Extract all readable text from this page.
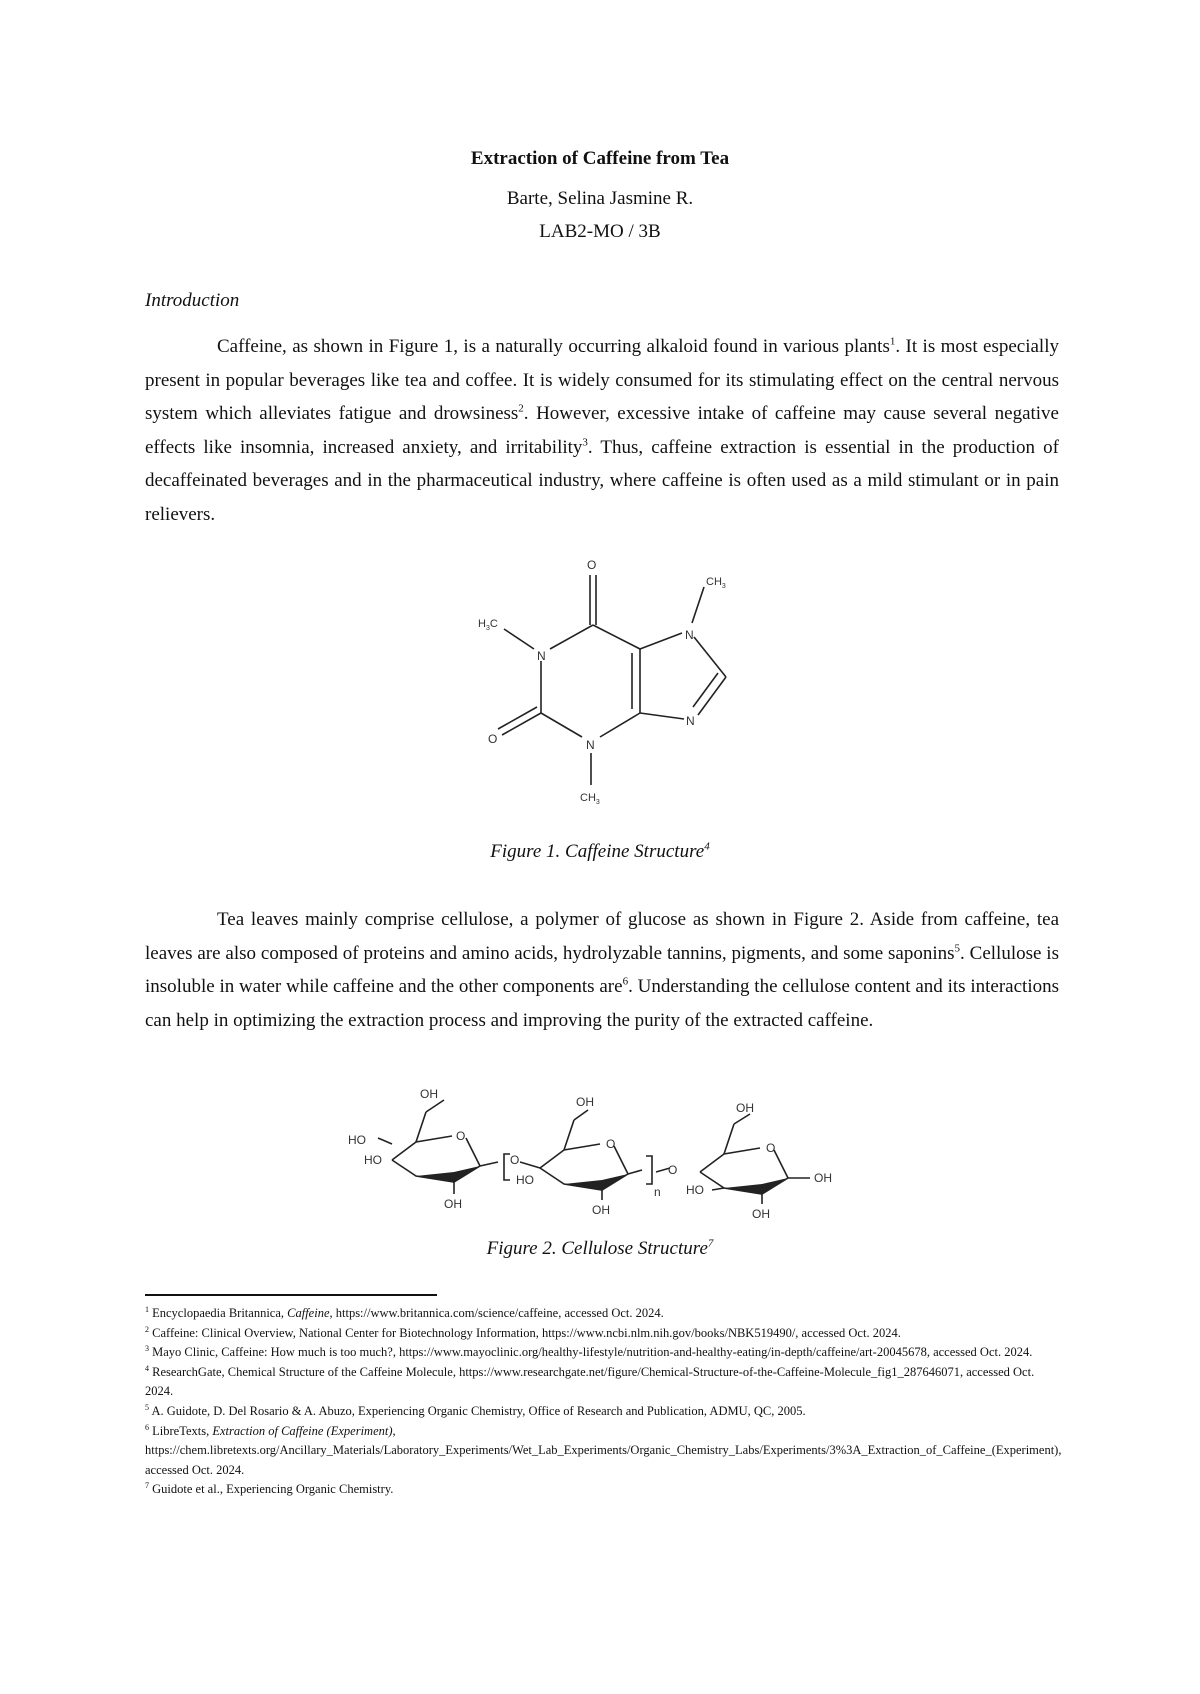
Extraction of Caffeine from Tea
Barte, Selina Jasmine R.
LAB2-MO / 3B
Introduction

Caffeine, as shown in Figure 1, is a naturally occurring alkaloid found in various plants$^1$. It is most especially present in popular beverages like tea and coffee. It is widely consumed for its stimulating effect on the central nervous system which alleviates fatigue and drowsiness$^2$. However, excessive intake of caffeine may cause several negative effects like insomnia, increased anxiety, and irritability$^3$. Thus, caffeine extraction is essential in the production of decaffeinated beverages and in the pharmaceutical industry, where caffeine is often used as a mild stimulant or in pain relievers.

O
$CH_3$
$H_3C$
N
N
N
N
O
$CH_3$
Figure 1. Caffeine Structure$^4$

Tea leaves mainly comprise cellulose, a polymer of glucose as shown in Figure 2. Aside from caffeine, tea leaves are also composed of proteins and amino acids, hydrolyzable tannins, pigments, and some saponins$^5$. Cellulose is insoluble in water while caffeine and the other components are$^6$. Understanding the cellulose content and its interactions can help in optimizing the extraction process and improving the purity of the extracted caffeine.

OH
O
HO
HO
OH
O
OH
O
HO
OH
n
O
OH
O
HO
OH
OH
Figure 2. Cellulose Structure$^7$

$^1$ Encyclopaedia Britannica, Caffeine, https://www.britannica.com/science/caffeine, accessed Oct. 2024.

$^2$ Caffeine: Clinical Overview, National Center for Biotechnology Information, https://www.ncbi.nlm.nih.gov/books/NBK519490/, accessed Oct. 2024.

$^3$ Mayo Clinic, Caffeine: How much is too much?, https://www.mayoclinic.org/healthy-lifestyle/nutrition-and-healthy-eating/in-depth/caffeine/art-20045678, accessed Oct. 2024.

$^4$ ResearchGate, Chemical Structure of the Caffeine Molecule, https://www.researchgate.net/figure/Chemical-Structure-of-the-Caffeine-Molecule_fig1_287646071, accessed Oct. 2024.

$^5$ A. Guidote, D. Del Rosario & A. Abuzo, Experiencing Organic Chemistry, Office of Research and Publication, ADMU, QC, 2005.

$^6$ LibreTexts, Extraction of Caffeine (Experiment), https://chem.libretexts.org/Ancillary_Materials/Laboratory_Experiments/Wet_Lab_Experiments/Organic_Chemistry_Labs/Experiments/3%3A_Extraction_of_Caffeine_(Experiment), accessed Oct. 2024.

$^7$ Guidote et al., Experiencing Organic Chemistry.
